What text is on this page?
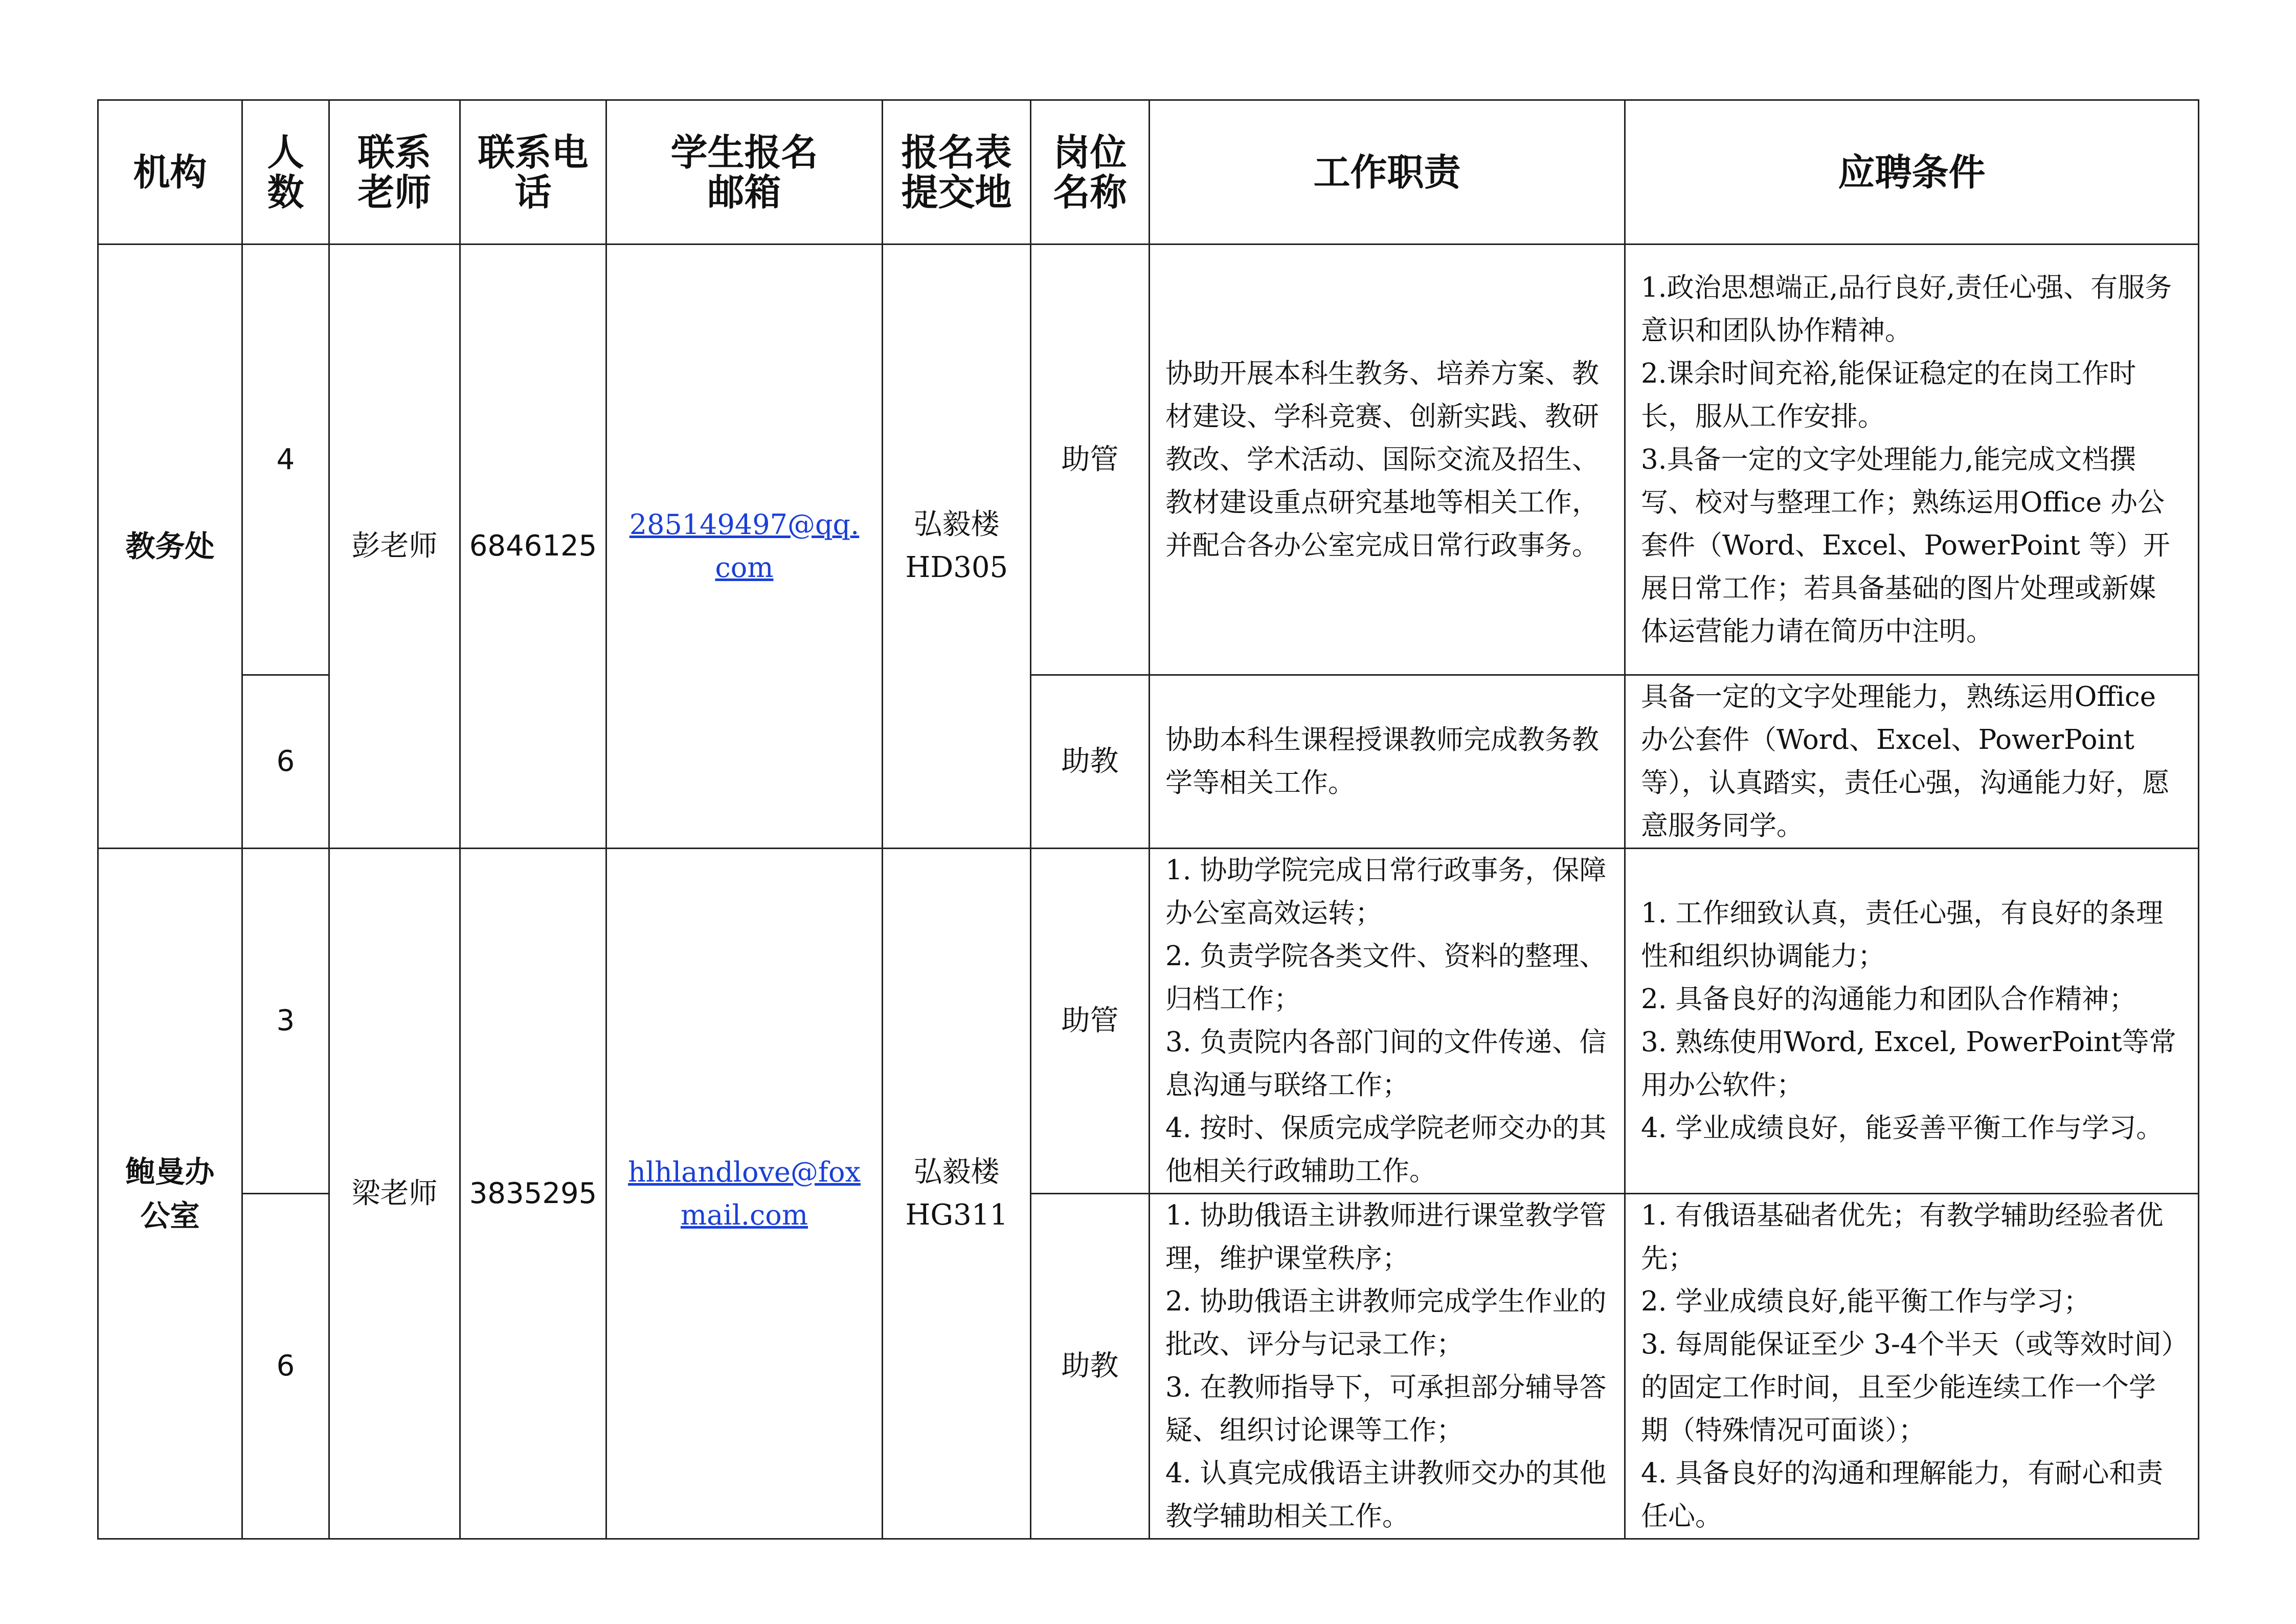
机构	人数	联系老师	联系电话	学生报名邮箱	报名表提交地	岗位名称	工作职责	应聘条件
教务处	4	彭老师	6846125	285149497@qq.com	弘毅楼HD305	助管	协助开展本科生教务、培养方案、教材建设、学科竞赛、创新实践、教研教改、学术活动、国际交流及招生、教材建设重点研究基地等相关工作，并配合各办公室完成日常行政事务。	1.政治思想端正,品行良好,责任心强、有服务意识和团队协作精神。
2.课余时间充裕,能保证稳定的在岗工作时长，服从工作安排。
3.具备一定的文字处理能力,能完成文档撰写、校对与整理工作；熟练运用Office 办公套件（Word、Excel、PowerPoint 等）开展日常工作；若具备基础的图片处理或新媒体运营能力请在简历中注明。

	6					助教	协助本科生课程授课教师完成教务教学等相关工作。	具备一定的文字处理能力，熟练运用Office 办公套件（Word、Excel、PowerPoint 等），认真踏实，责任心强，沟通能力好，愿意服务同学。

鲍曼办公室	3	梁老师	3835295	hlhlandlove@foxmail.com	弘毅楼HG311	助管	1. 协助学院完成日常行政事务，保障办公室高效运转；
2. 负责学院各类文件、资料的整理、归档工作；
3. 负责院内各部门间的文件传递、信息沟通与联络工作；
4. 按时、保质完成学院老师交办的其他相关行政辅助工作。	1. 工作细致认真，责任心强，有良好的条理性和组织协调能力；
2. 具备良好的沟通能力和团队合作精神；
3. 熟练使用Word, Excel, PowerPoint等常用办公软件；
4. 学业成绩良好，能妥善平衡工作与学习。

	6					助教	1. 协助俄语主讲教师进行课堂教学管理，维护课堂秩序；
2. 协助俄语主讲教师完成学生作业的批改、评分与记录工作；
3. 在教师指导下，可承担部分辅导答疑、组织讨论课等工作；
4. 认真完成俄语主讲教师交办的其他教学辅助相关工作。	1. 有俄语基础者优先；有教学辅助经验者优先；
2. 学业成绩良好,能平衡工作与学习；
3. 每周能保证至少 3-4个半天（或等效时间）的固定工作时间，且至少能连续工作一个学期（特殊情况可面谈）；
4. 具备良好的沟通和理解能力，有耐心和责任心。
